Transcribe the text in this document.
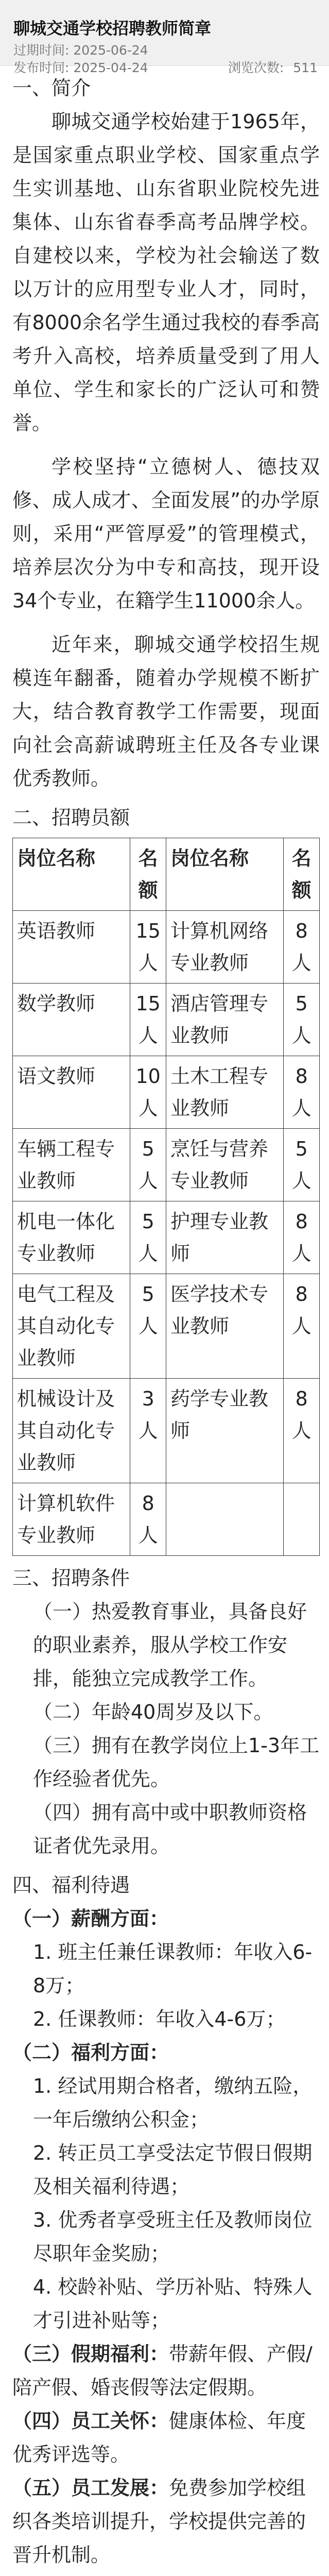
聊城交通学校招聘教师简章
过期时间: 2025-06-24
发布时间: 2025-04-24	浏览次数: 511
一、简介

聊城交通学校始建于1965年，是国家重点职业学校、国家重点学生实训基地、山东省职业院校先进集体、山东省春季高考品牌学校。自建校以来，学校为社会输送了数以万计的应用型专业人才，同时，有8000余名学生通过我校的春季高考升入高校，培养质量受到了用人单位、学生和家长的广泛认可和赞誉。

学校坚持“立德树人、德技双修、成人成才、全面发展”的办学原则，采用“严管厚爱”的管理模式，培养层次分为中专和高技，现开设34个专业，在籍学生11000余人。

近年来，聊城交通学校招生规模连年翻番，随着办学规模不断扩大，结合教育教学工作需要，现面向社会高薪诚聘班主任及各专业课优秀教师。

二、招聘员额
岗位名称	名额	岗位名称	名额
英语教师	15人	计算机网络专业教师	8人
数学教师	15人	酒店管理专业教师	5人
语文教师	10人	土木工程专业教师	8人
车辆工程专业教师	5人	烹饪与营养专业教师	5人
机电一体化专业教师	5人	护理专业教师	8人
电气工程及其自动化专业教师	5人	医学技术专业教师	8人
机械设计及其自动化专业教师	3人	药学专业教师	8人
计算机软件专业教师	8人		
三、招聘条件

（一）热爱教育事业，具备良好的职业素养，服从学校工作安排，能独立完成教学工作。

（二）年龄40周岁及以下。

（三）拥有在教学岗位上1-3年工作经验者优先。

（四）拥有高中或中职教师资格证者优先录用。

四、福利待遇

（一）薪酬方面：

1. 班主任兼任课教师：年收入6-8万；

2. 任课教师：年收入4-6万；

（二）福利方面：

1. 经试用期合格者，缴纳五险，一年后缴纳公积金；

2. 转正员工享受法定节假日假期及相关福利待遇；

3. 优秀者享受班主任及教师岗位尽职年金奖励；

4. 校龄补贴、学历补贴、特殊人才引进补贴等；

（三）假期福利：带薪年假、产假/陪产假、婚丧假等法定假期。

（四）员工关怀：健康体检、年度优秀评选等。

（五）员工发展：免费参加学校组织各类培训提升，学校提供完善的晋升机制。
